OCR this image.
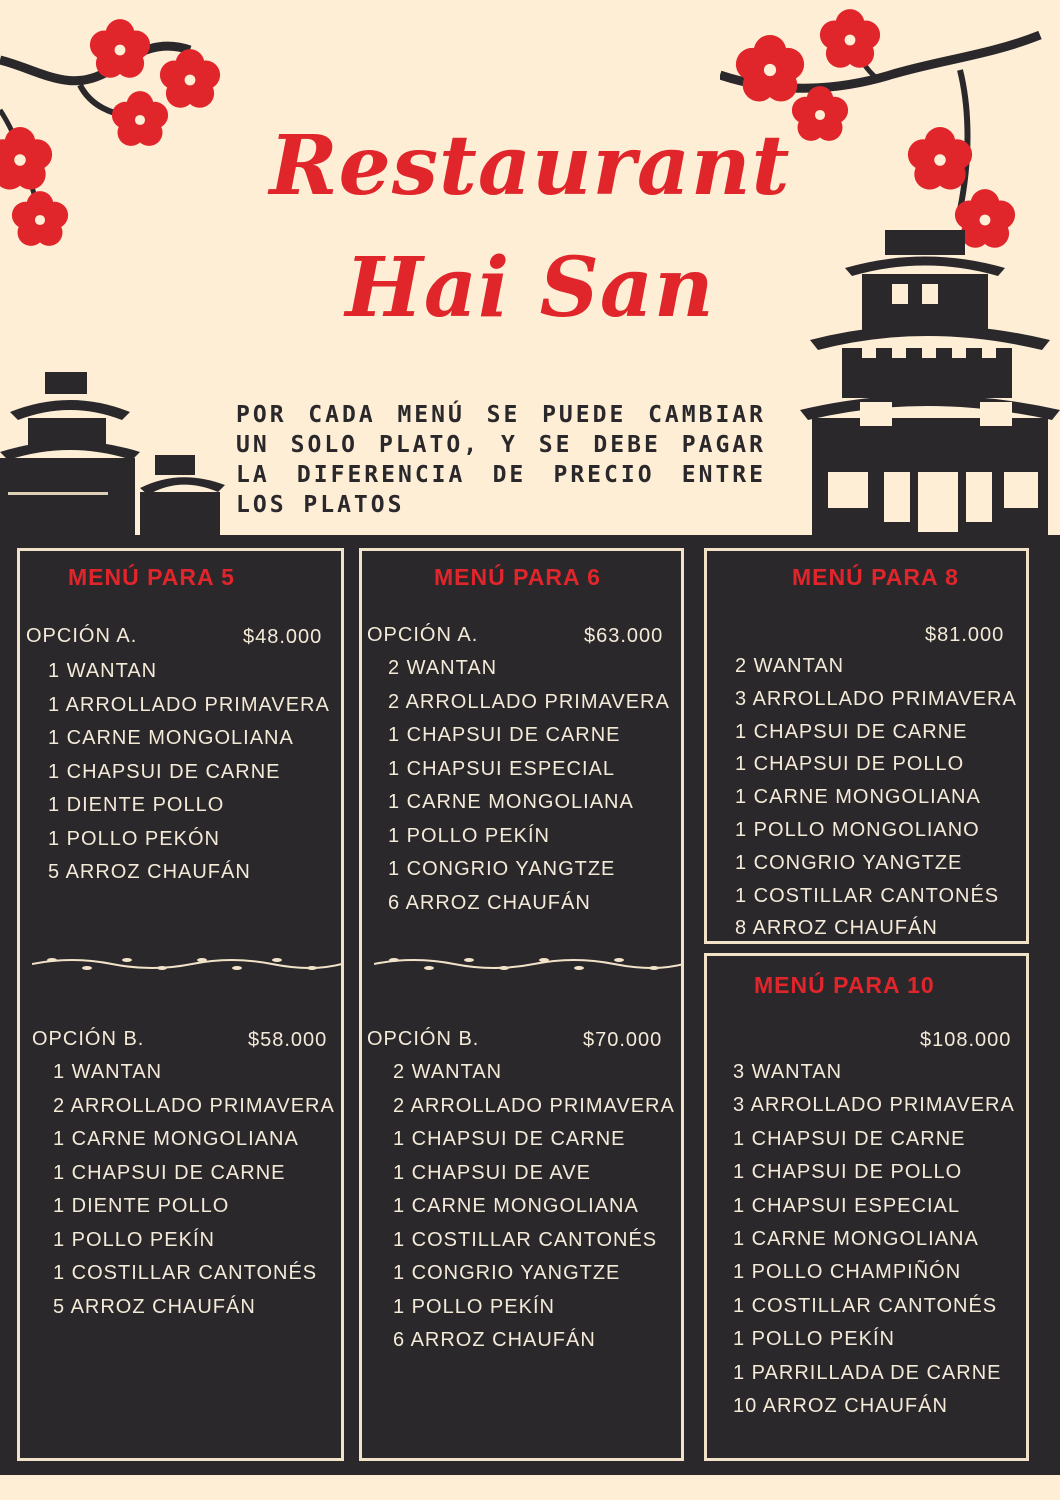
Restaurant
Hai San
POR CADA MENÚ SE PUEDE CAMBIAR UN SOLO PLATO, Y SE DEBE PAGAR LA DIFERENCIA DE PRECIO ENTRE LOS PLATOS
MENÚ PARA 5
OPCIÓN A.	$48.000
1 WANTAN
1 ARROLLADO PRIMAVERA
1 CARNE MONGOLIANA
1 CHAPSUI DE CARNE
1 DIENTE POLLO
1 POLLO PEKÓN
5 ARROZ CHAUFÁN
OPCIÓN B.	$58.000
1 WANTAN
2 ARROLLADO PRIMAVERA
1 CARNE MONGOLIANA
1 CHAPSUI DE CARNE
1 DIENTE POLLO
1 POLLO PEKÍN
1 COSTILLAR CANTONÉS
5 ARROZ CHAUFÁN
MENÚ PARA 6
OPCIÓN A.	$63.000
2 WANTAN
2 ARROLLADO PRIMAVERA
1 CHAPSUI DE CARNE
1 CHAPSUI ESPECIAL
1 CARNE MONGOLIANA
1 POLLO PEKÍN
1 CONGRIO YANGTZE
6 ARROZ CHAUFÁN
OPCIÓN B.	$70.000
2 WANTAN
2 ARROLLADO PRIMAVERA
1 CHAPSUI DE CARNE
1 CHAPSUI DE AVE
1 CARNE MONGOLIANA
1 COSTILLAR CANTONÉS
1 CONGRIO YANGTZE
1 POLLO PEKÍN
6 ARROZ CHAUFÁN
MENÚ PARA 8
$81.000
2 WANTAN
3 ARROLLADO PRIMAVERA
1 CHAPSUI DE CARNE
1 CHAPSUI DE POLLO
1 CARNE MONGOLIANA
1 POLLO MONGOLIANO
1 CONGRIO YANGTZE
1 COSTILLAR CANTONÉS
8 ARROZ CHAUFÁN
MENÚ PARA 10
$108.000
3 WANTAN
3 ARROLLADO PRIMAVERA
1 CHAPSUI DE CARNE
1 CHAPSUI DE POLLO
1 CHAPSUI ESPECIAL
1 CARNE MONGOLIANA
1 POLLO CHAMPIÑÓN
1 COSTILLAR CANTONÉS
1 POLLO PEKÍN
1 PARRILLADA DE CARNE
10 ARROZ CHAUFÁN
